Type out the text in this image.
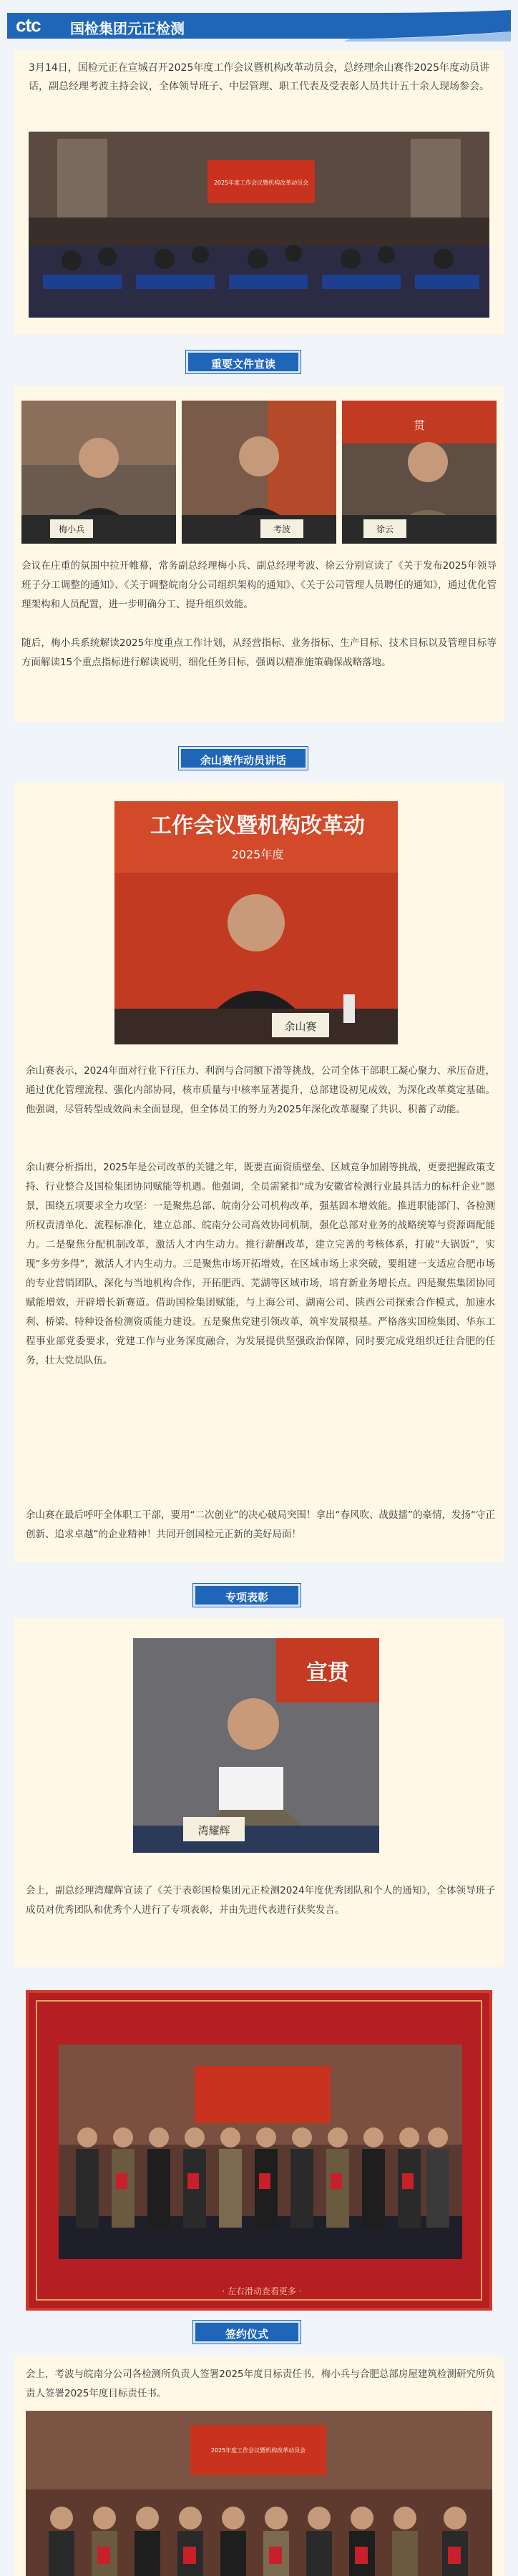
ctc 国检集团元正检测
3月14日，国检元正在宣城召开2025年度工作会议暨机构改革动员会，总经理余山赛作2025年度动员讲话，副总经理考波主持会议，全体领导班子、中层管理、职工代表及受表彰人员共计五十余人现场参会。
2025年度工作会议暨机构改革动员会
重要文件宣读
梅小兵	考波
贯
徐云
会议在庄重的氛围中拉开帷幕，常务副总经理梅小兵、副总经理考波、徐云分别宣读了《关于发布2025年领导班子分工调整的通知》、《关于调整皖南分公司组织架构的通知》、《关于公司管理人员聘任的通知》，通过优化管理架构和人员配置，进一步明确分工、提升组织效能。
随后，梅小兵系统解读2025年度重点工作计划，从经营指标、业务指标、生产目标、技术目标以及管理目标等方面解读15个重点指标进行解读说明，细化任务目标，强调以精准施策确保战略落地。
余山赛作动员讲话
工作会议暨机构改革动
2025年度
余山赛
余山赛表示，2024年面对行业下行压力、利润与合同额下滑等挑战，公司全体干部职工凝心聚力、承压奋进，通过优化管理流程、强化内部协同，核市质量与中核率显著提升，总部建设初见成效，为深化改革奠定基础。他强调，尽管转型成效尚未全面显现，但全体员工的努力为2025年深化改革凝聚了共识、积蓄了动能。
余山赛分析指出，2025年是公司改革的关键之年，既要直面资质壁垒、区域竞争加剧等挑战，更要把握政策支持、行业整合及国检集团协同赋能等机遇。他强调，全员需紧扣“成为安徽省检测行业最具活力的标杆企业”愿景，围绕五项要求全力攻坚：一是聚焦总部、皖南分公司机构改革，强基固本增效能。推进职能部门、各检测所权责清单化、流程标准化，建立总部、皖南分公司高效协同机制，强化总部对业务的战略统筹与资源调配能力。二是聚焦分配机制改革，激活人才内生动力。推行薪酬改革，建立完善的考核体系，打破“大锅饭”，实现“多劳多得”，激活人才内生动力。三是聚焦市场开拓增效，在区域市场上求突破，要组建一支适应合肥市场的专业营销团队，深化与当地机构合作，开拓肥西、芜湖等区域市场，培育新业务增长点。四是聚焦集团协同赋能增效，开辟增长新赛道。借助国检集团赋能，与上海公司、湖南公司、陕西公司探索合作模式，加速水利、桥梁、特种设备检测资质能力建设。五是聚焦党建引领改革，筑牢发展根基。严格落实国检集团、华东工程事业部党委要求，党建工作与业务深度融合，为发展提供坚强政治保障，同时要完成党组织迁往合肥的任务，壮大党员队伍。
余山赛在最后呼吁全体职工干部，要用“二次创业”的决心破局突围！拿出“春风吹、战鼓擂”的豪情，发扬“守正创新、追求卓越”的企业精神！共同开创国检元正新的美好局面！
专项表彰
宣贯
湾耀辉
会上，副总经理湾耀辉宣读了《关于表彰国检集团元正检测2024年度优秀团队和个人的通知》，全体领导班子成员对优秀团队和优秀个人进行了专项表彰，并由先进代表进行获奖发言。
· 左右滑动查看更多 ·
签约仪式
会上，考波与皖南分公司各检测所负责人签署2025年度目标责任书，梅小兵与合肥总部房屋建筑检测研究所负责人签署2025年度目标责任书。
2025年度工作会议暨机构改革动员会
